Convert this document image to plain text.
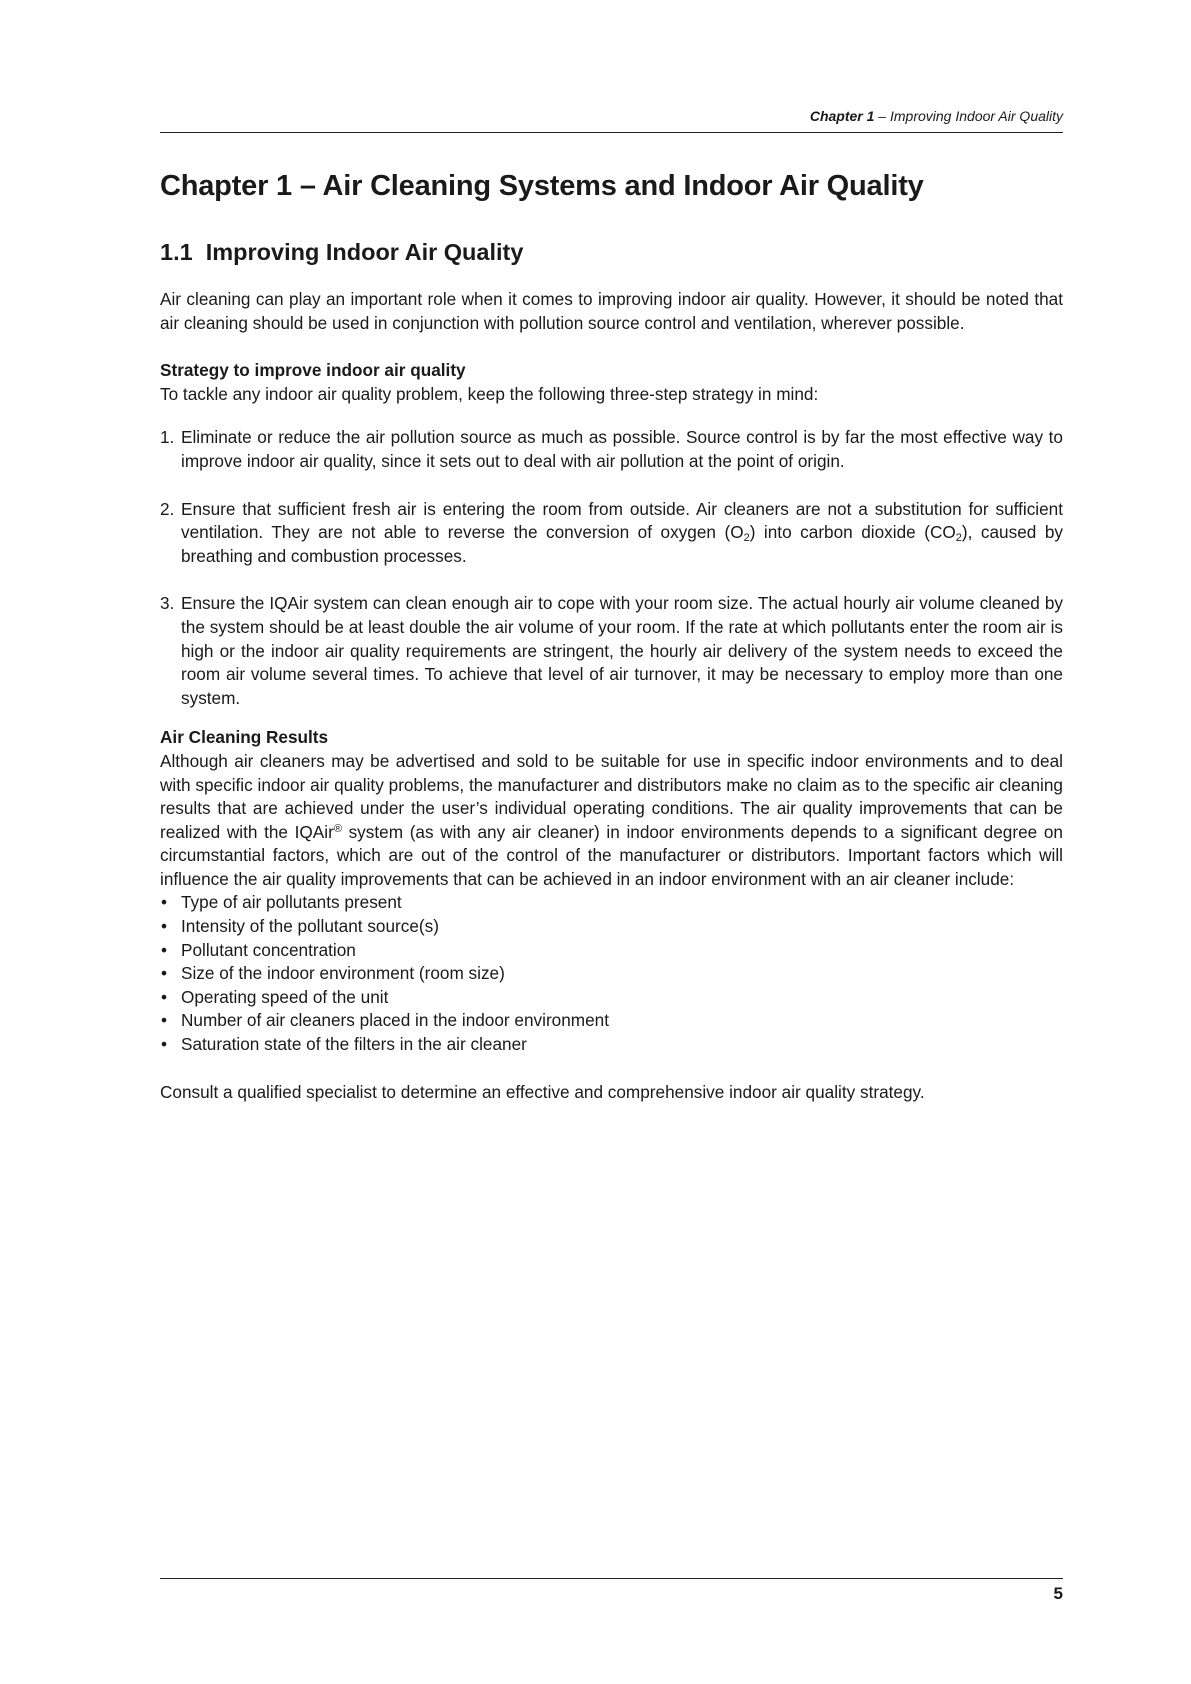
Chapter 1 – Improving Indoor Air Quality
Chapter 1 – Air Cleaning Systems and Indoor Air Quality
1.1 Improving Indoor Air Quality

Air cleaning can play an important role when it comes to improving indoor air quality. However, it should be noted that air cleaning should be used in conjunction with pollution source control and ventilation, wherever possible.

Strategy to improve indoor air quality

To tackle any indoor air quality problem, keep the following three-step strategy in mind:

1. Eliminate or reduce the air pollution source as much as possible. Source control is by far the most effective way to improve indoor air quality, since it sets out to deal with air pollution at the point of origin.
2. Ensure that sufficient fresh air is entering the room from outside. Air cleaners are not a substitution for sufficient ventilation. They are not able to reverse the conversion of oxygen $(O_2)$ into carbon dioxide $(CO_2)$, caused by breathing and combustion processes.
3. Ensure the IQAir system can clean enough air to cope with your room size. The actual hourly air volume cleaned by the system should be at least double the air volume of your room. If the rate at which pollutants enter the room air is high or the indoor air quality requirements are stringent, the hourly air delivery of the system needs to exceed the room air volume several times. To achieve that level of air turnover, it may be necessary to employ more than one system.

Air Cleaning Results

Although air cleaners may be advertised and sold to be suitable for use in specific indoor environments and to deal with specific indoor air quality problems, the manufacturer and distributors make no claim as to the specific air cleaning results that are achieved under the user’s individual operating conditions. The air quality improvements that can be realized with the IQAir® system (as with any air cleaner) in indoor environments depends to a significant degree on circumstantial factors, which are out of the control of the manufacturer or distributors. Important factors which will influence the air quality improvements that can be achieved in an indoor environment with an air cleaner include:

• Type of air pollutants present
• Intensity of the pollutant source(s)
• Pollutant concentration
• Size of the indoor environment (room size)
• Operating speed of the unit
• Number of air cleaners placed in the indoor environment
• Saturation state of the filters in the air cleaner

Consult a qualified specialist to determine an effective and comprehensive indoor air quality strategy.

5
